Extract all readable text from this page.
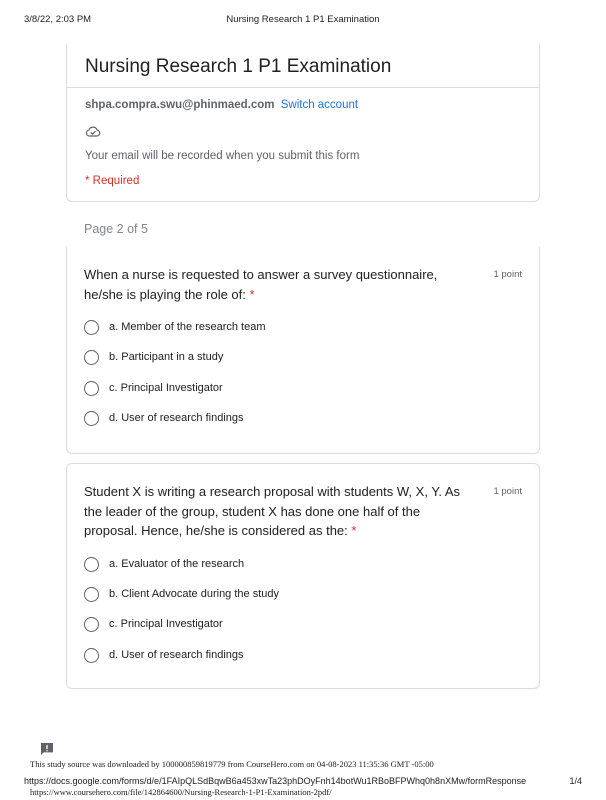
3/8/22, 2:03 PM	Nursing Research 1 P1 Examination
Nursing Research 1 P1 Examination
shpa.compra.swu@phinmaed.com Switch account
Your email will be recorded when you submit this form
* Required
Page 2 of 5
When a nurse is requested to answer a survey questionnaire, he/she is playing the role of: *
1 point
a. Member of the research team
b. Participant in a study
c. Principal Investigator
d. User of research findings
Student X is writing a research proposal with students W, X, Y. As the leader of the group, student X has done one half of the proposal. Hence, he/she is considered as the: *
1 point
a. Evaluator of the research
b. Client Advocate during the study
c. Principal Investigator
d. User of research findings
This study source was downloaded by 100000859819779 from CourseHero.com on 04-08-2023 11:35:36 GMT -05:00
https://docs.google.com/forms/d/e/1FAIpQLSdBqwB6a453xwTa23phDOyFnh14botWu1RBoBFPWhq0h8nXMw/formResponse	1/4
https://www.coursehero.com/file/142864600/Nursing-Research-1-P1-Examination-2pdf/
